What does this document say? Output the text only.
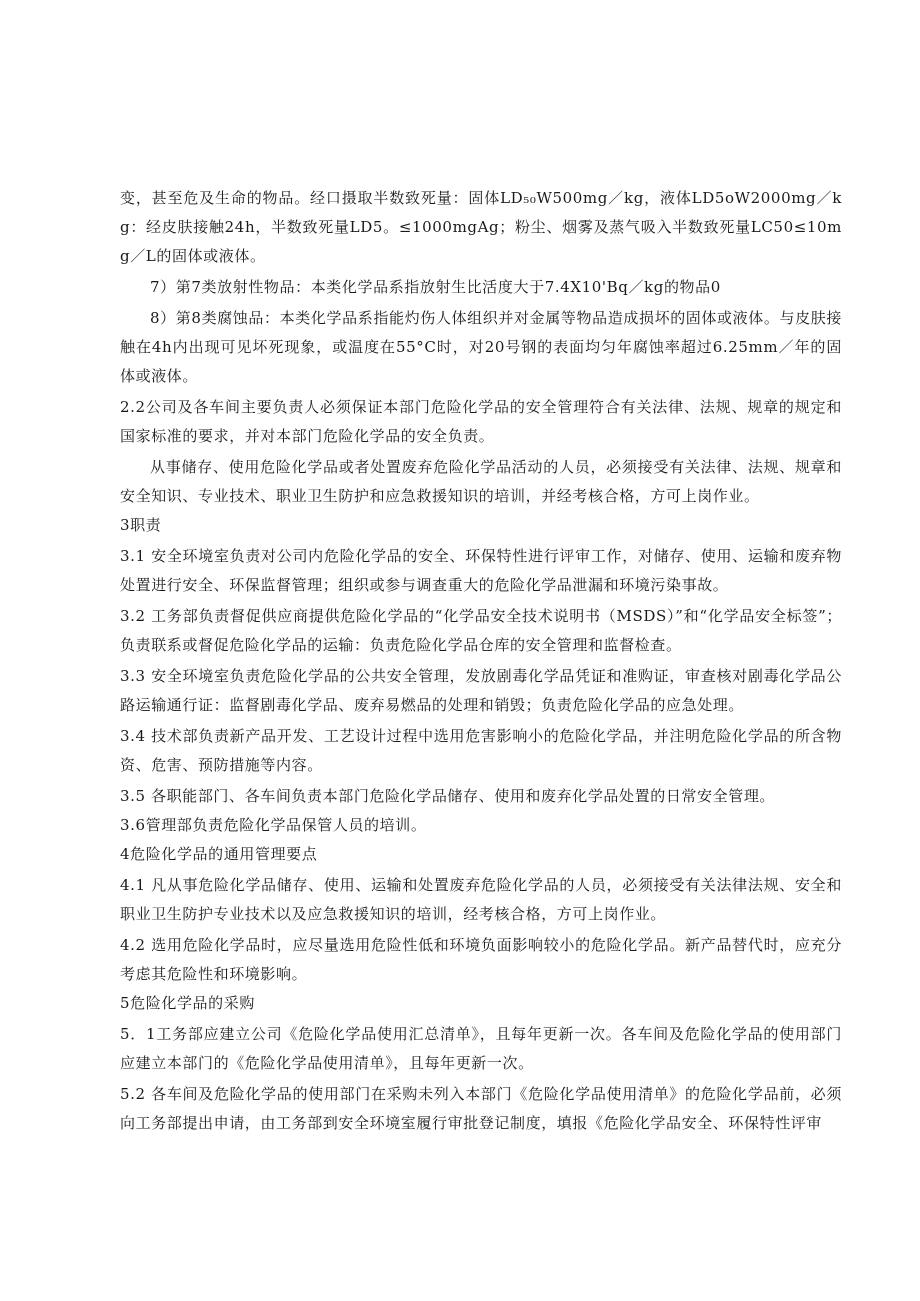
变，甚至危及生命的物品。经口摄取半数致死量：固体LD₅₀W500mg／kg，液体LD5oW2000mg／kg：经皮肤接触24h，半数致死量LD5。≤1000mgAg；粉尘、烟雾及蒸气吸入半数致死量LC50≤10mg／L的固体或液体。

7）第7类放射性物品：本类化学品系指放射生比活度大于7.4X10'Bq／kg的物品0

8）第8类腐蚀品：本类化学品系指能灼伤人体组织并对金属等物品造成损坏的固体或液体。与皮肤接触在4h内出现可见坏死现象，或温度在55°C时，对20号钢的表面均匀年腐蚀率超过6.25mm／年的固体或液体。

2.2公司及各车间主要负责人必须保证本部门危险化学品的安全管理符合有关法律、法规、规章的规定和国家标准的要求，并对本部门危险化学品的安全负责。

从事储存、使用危险化学品或者处置废弃危险化学品活动的人员，必须接受有关法律、法规、规章和安全知识、专业技术、职业卫生防护和应急救援知识的培训，并经考核合格，方可上岗作业。

3职责

3.1 安全环境室负责对公司内危险化学品的安全、环保特性进行评审工作，对储存、使用、运输和废弃物处置进行安全、环保监督管理；组织或参与调查重大的危险化学品泄漏和环境污染事故。

3.2 工务部负责督促供应商提供危险化学品的“化学品安全技术说明书（MSDS）”和“化学品安全标签”；负责联系或督促危险化学品的运输：负责危险化学品仓库的安全管理和监督检查。

3.3 安全环境室负责危险化学品的公共安全管理，发放剧毒化学品凭证和准购证，审查核对剧毒化学品公路运输通行证：监督剧毒化学品、废弃易燃品的处理和销毁；负责危险化学品的应急处理。

3.4 技术部负责新产品开发、工艺设计过程中选用危害影响小的危险化学品，并注明危险化学品的所含物资、危害、预防措施等内容。

3.5 各职能部门、各车间负责本部门危险化学品储存、使用和废弃化学品处置的日常安全管理。

3.6管理部负责危险化学品保管人员的培训。

4危险化学品的通用管理要点

4.1 凡从事危险化学品储存、使用、运输和处置废弃危险化学品的人员，必须接受有关法律法规、安全和职业卫生防护专业技术以及应急救援知识的培训，经考核合格，方可上岗作业。

4.2 选用危险化学品时，应尽量选用危险性低和环境负面影响较小的危险化学品。新产品替代时，应充分考虑其危险性和环境影响。

5危险化学品的采购

5．1工务部应建立公司《危险化学品使用汇总清单》，且每年更新一次。各车间及危险化学品的使用部门应建立本部门的《危险化学品使用清单》，且每年更新一次。

5.2 各车间及危险化学品的使用部门在采购未列入本部门《危险化学品使用清单》的危险化学品前，必须向工务部提出申请，由工务部到安全环境室履行审批登记制度，填报《危险化学品安全、环保特性评审
